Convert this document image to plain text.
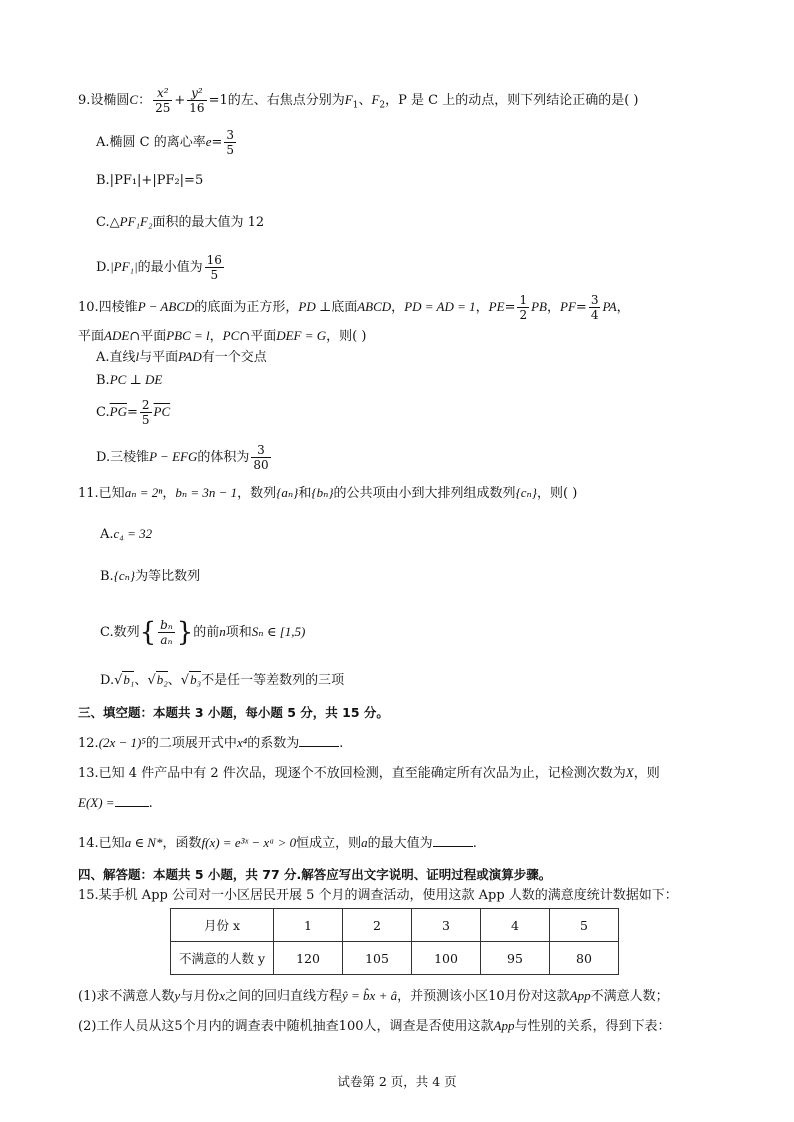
9.设椭圆C： $\frac{\text{x²}}{25} + \frac{\text{y²}}{16} =1$的左、右焦点分别为$F_1$、$F_2$，P 是 C 上的动点，则下列结论正确的是( )
A.椭圆 C 的离心率$e= \frac{3}{5}$
B.|PF₁|+|PF₂|=5
C.△PF₁F₂面积的最大值为 12
D.|PF₁|的最小值为 $\frac{16}{5}$
10.四棱锥P − ABCD的底面为正方形，PD ⊥底面ABCD，PD = AD = 1，$PE= \frac{1}{2}$ PB，$PF= \frac{3}{4}$ PA，
平面ADE∩平面PBC = l，PC∩平面DEF = G，则( )
A.直线l与平面PAD有一个交点
B.PC ⊥ DE
$C.\overline{PG}= \frac{2}{5} \overline{PC}$
D.三棱锥P − EFG的体积为 $\frac{3}{80}$
11.已知aₙ = 2ⁿ，bₙ = 3n − 1，数列{aₙ}和{bₙ}的公共项由小到大排列组成数列{cₙ}，则( )
A.c₄ = 32
B.{cₙ}为等比数列
C.数列{ $\frac{\text{bₙ}}{\text{aₙ}}$ }的前n项和Sₙ ∈ [1,5)
D.√b₁、√b₂、√b₃不是任一等差数列的三项
三、填空题：本题共 3 小题，每小题 5 分，共 15 分。
12.(2x − 1)⁵的二项展开式中x⁴的系数为	.
13.已知 4 件产品中有 2 件次品，现逐个不放回检测，直至能确定所有次品为止，记检测次数为X，则
E(X) =	.
14.已知a ∈ N*，函数f(x) = e³ˣ − xᵃ > 0恒成立，则a的最大值为	.
四、解答题：本题共 5 小题，共 77 分.解答应写出文字说明、证明过程或演算步骤。
15.某手机 App 公司对一小区居民开展 5 个月的调查活动，使用这款 App 人数的满意度统计数据如下：
月份 x	1	2	3	4	5
不满意的人数 y	120	105	100	95	80
(1)求不满意人数y与月份x之间的回归直线方程ŷ = b̂x + â，并预测该小区10月份对这款App不满意人数；
(2)工作人员从这5个月内的调查表中随机抽查100人，调查是否使用这款App与性别的关系，得到下表：
试卷第 2 页，共 4 页
